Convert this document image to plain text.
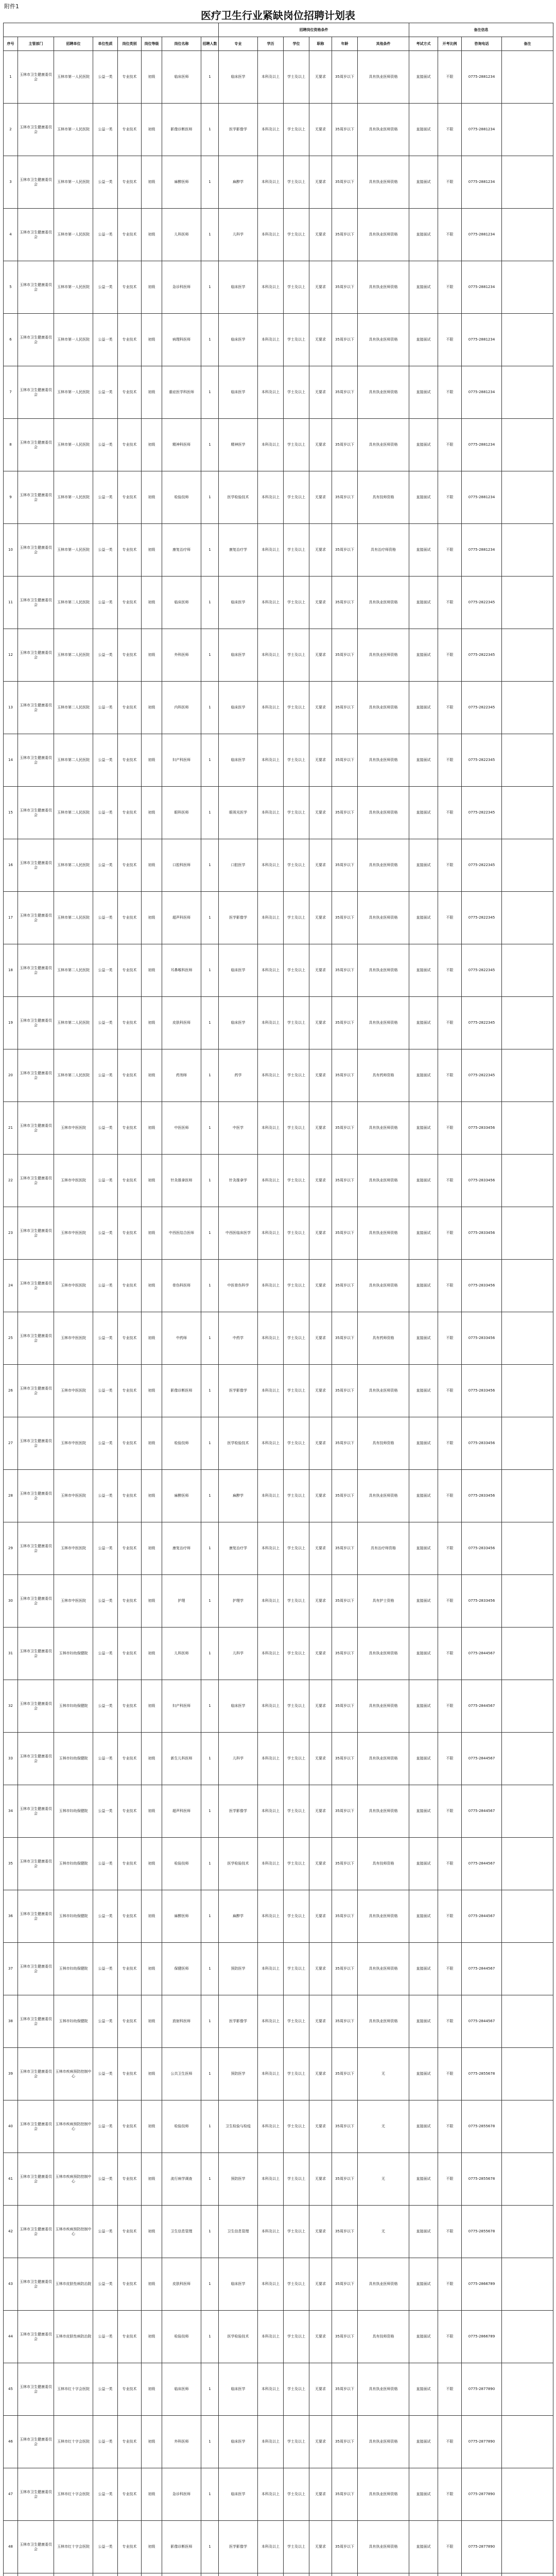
附件1
医疗卫生行业紧缺岗位招聘计划表
								招聘岗位资格条件						备注信息			
序号	主管部门	招聘单位	单位性质	岗位类别	岗位等级	岗位名称	招聘人数	专业	学历	学位	职称	年龄	其他条件	考试方式	开考比例	咨询电话	备注
1	玉林市卫生健康委员会	玉林市第一人民医院	公益一类	专业技术	初级	临床医师	1	临床医学	本科及以上	学士及以上	无要求	35周岁以下	具有执业医师资格	直接面试	不限	0775-2881234	
2	玉林市卫生健康委员会	玉林市第一人民医院	公益一类	专业技术	初级	影像诊断医师	1	医学影像学	本科及以上	学士及以上	无要求	35周岁以下	具有执业医师资格	直接面试	不限	0775-2881234	
3	玉林市卫生健康委员会	玉林市第一人民医院	公益一类	专业技术	初级	麻醉医师	1	麻醉学	本科及以上	学士及以上	无要求	35周岁以下	具有执业医师资格	直接面试	不限	0775-2881234	
4	玉林市卫生健康委员会	玉林市第一人民医院	公益一类	专业技术	初级	儿科医师	1	儿科学	本科及以上	学士及以上	无要求	35周岁以下	具有执业医师资格	直接面试	不限	0775-2881234	
5	玉林市卫生健康委员会	玉林市第一人民医院	公益一类	专业技术	初级	急诊科医师	1	临床医学	本科及以上	学士及以上	无要求	35周岁以下	具有执业医师资格	直接面试	不限	0775-2881234	
6	玉林市卫生健康委员会	玉林市第一人民医院	公益一类	专业技术	初级	病理科医师	1	临床医学	本科及以上	学士及以上	无要求	35周岁以下	具有执业医师资格	直接面试	不限	0775-2881234	
7	玉林市卫生健康委员会	玉林市第一人民医院	公益一类	专业技术	初级	重症医学科医师	1	临床医学	本科及以上	学士及以上	无要求	35周岁以下	具有执业医师资格	直接面试	不限	0775-2881234	
8	玉林市卫生健康委员会	玉林市第一人民医院	公益一类	专业技术	初级	精神科医师	1	精神医学	本科及以上	学士及以上	无要求	35周岁以下	具有执业医师资格	直接面试	不限	0775-2881234	
9	玉林市卫生健康委员会	玉林市第一人民医院	公益一类	专业技术	初级	检验技师	1	医学检验技术	本科及以上	学士及以上	无要求	35周岁以下	具有技师资格	直接面试	不限	0775-2881234	
10	玉林市卫生健康委员会	玉林市第一人民医院	公益一类	专业技术	初级	康复治疗师	1	康复治疗学	本科及以上	学士及以上	无要求	35周岁以下	具有治疗师资格	直接面试	不限	0775-2881234	
11	玉林市卫生健康委员会	玉林市第二人民医院	公益一类	专业技术	初级	临床医师	1	临床医学	本科及以上	学士及以上	无要求	35周岁以下	具有执业医师资格	直接面试	不限	0775-2822345	
12	玉林市卫生健康委员会	玉林市第二人民医院	公益一类	专业技术	初级	外科医师	1	临床医学	本科及以上	学士及以上	无要求	35周岁以下	具有执业医师资格	直接面试	不限	0775-2822345	
13	玉林市卫生健康委员会	玉林市第二人民医院	公益一类	专业技术	初级	内科医师	1	临床医学	本科及以上	学士及以上	无要求	35周岁以下	具有执业医师资格	直接面试	不限	0775-2822345	
14	玉林市卫生健康委员会	玉林市第二人民医院	公益一类	专业技术	初级	妇产科医师	1	临床医学	本科及以上	学士及以上	无要求	35周岁以下	具有执业医师资格	直接面试	不限	0775-2822345	
15	玉林市卫生健康委员会	玉林市第二人民医院	公益一类	专业技术	初级	眼科医师	1	眼视光医学	本科及以上	学士及以上	无要求	35周岁以下	具有执业医师资格	直接面试	不限	0775-2822345	
16	玉林市卫生健康委员会	玉林市第二人民医院	公益一类	专业技术	初级	口腔科医师	1	口腔医学	本科及以上	学士及以上	无要求	35周岁以下	具有执业医师资格	直接面试	不限	0775-2822345	
17	玉林市卫生健康委员会	玉林市第二人民医院	公益一类	专业技术	初级	超声科医师	1	医学影像学	本科及以上	学士及以上	无要求	35周岁以下	具有执业医师资格	直接面试	不限	0775-2822345	
18	玉林市卫生健康委员会	玉林市第二人民医院	公益一类	专业技术	初级	耳鼻喉科医师	1	临床医学	本科及以上	学士及以上	无要求	35周岁以下	具有执业医师资格	直接面试	不限	0775-2822345	
19	玉林市卫生健康委员会	玉林市第二人民医院	公益一类	专业技术	初级	皮肤科医师	1	临床医学	本科及以上	学士及以上	无要求	35周岁以下	具有执业医师资格	直接面试	不限	0775-2822345	
20	玉林市卫生健康委员会	玉林市第二人民医院	公益一类	专业技术	初级	药剂师	1	药学	本科及以上	学士及以上	无要求	35周岁以下	具有药师资格	直接面试	不限	0775-2822345	
21	玉林市卫生健康委员会	玉林市中医医院	公益一类	专业技术	初级	中医医师	1	中医学	本科及以上	学士及以上	无要求	35周岁以下	具有执业医师资格	直接面试	不限	0775-2833456	
22	玉林市卫生健康委员会	玉林市中医医院	公益一类	专业技术	初级	针灸推拿医师	1	针灸推拿学	本科及以上	学士及以上	无要求	35周岁以下	具有执业医师资格	直接面试	不限	0775-2833456	
23	玉林市卫生健康委员会	玉林市中医医院	公益一类	专业技术	初级	中西医结合医师	1	中西医临床医学	本科及以上	学士及以上	无要求	35周岁以下	具有执业医师资格	直接面试	不限	0775-2833456	
24	玉林市卫生健康委员会	玉林市中医医院	公益一类	专业技术	初级	骨伤科医师	1	中医骨伤科学	本科及以上	学士及以上	无要求	35周岁以下	具有执业医师资格	直接面试	不限	0775-2833456	
25	玉林市卫生健康委员会	玉林市中医医院	公益一类	专业技术	初级	中药师	1	中药学	本科及以上	学士及以上	无要求	35周岁以下	具有药师资格	直接面试	不限	0775-2833456	
26	玉林市卫生健康委员会	玉林市中医医院	公益一类	专业技术	初级	影像诊断医师	1	医学影像学	本科及以上	学士及以上	无要求	35周岁以下	具有执业医师资格	直接面试	不限	0775-2833456	
27	玉林市卫生健康委员会	玉林市中医医院	公益一类	专业技术	初级	检验技师	1	医学检验技术	本科及以上	学士及以上	无要求	35周岁以下	具有技师资格	直接面试	不限	0775-2833456	
28	玉林市卫生健康委员会	玉林市中医医院	公益一类	专业技术	初级	麻醉医师	1	麻醉学	本科及以上	学士及以上	无要求	35周岁以下	具有执业医师资格	直接面试	不限	0775-2833456	
29	玉林市卫生健康委员会	玉林市中医医院	公益一类	专业技术	初级	康复治疗师	1	康复治疗学	本科及以上	学士及以上	无要求	35周岁以下	具有治疗师资格	直接面试	不限	0775-2833456	
30	玉林市卫生健康委员会	玉林市中医医院	公益一类	专业技术	初级	护理	1	护理学	本科及以上	学士及以上	无要求	35周岁以下	具有护士资格	直接面试	不限	0775-2833456	
31	玉林市卫生健康委员会	玉林市妇幼保健院	公益一类	专业技术	初级	儿科医师	1	儿科学	本科及以上	学士及以上	无要求	35周岁以下	具有执业医师资格	直接面试	不限	0775-2844567	
32	玉林市卫生健康委员会	玉林市妇幼保健院	公益一类	专业技术	初级	妇产科医师	1	临床医学	本科及以上	学士及以上	无要求	35周岁以下	具有执业医师资格	直接面试	不限	0775-2844567	
33	玉林市卫生健康委员会	玉林市妇幼保健院	公益一类	专业技术	初级	新生儿科医师	1	儿科学	本科及以上	学士及以上	无要求	35周岁以下	具有执业医师资格	直接面试	不限	0775-2844567	
34	玉林市卫生健康委员会	玉林市妇幼保健院	公益一类	专业技术	初级	超声科医师	1	医学影像学	本科及以上	学士及以上	无要求	35周岁以下	具有执业医师资格	直接面试	不限	0775-2844567	
35	玉林市卫生健康委员会	玉林市妇幼保健院	公益一类	专业技术	初级	检验技师	1	医学检验技术	本科及以上	学士及以上	无要求	35周岁以下	具有技师资格	直接面试	不限	0775-2844567	
36	玉林市卫生健康委员会	玉林市妇幼保健院	公益一类	专业技术	初级	麻醉医师	1	麻醉学	本科及以上	学士及以上	无要求	35周岁以下	具有执业医师资格	直接面试	不限	0775-2844567	
37	玉林市卫生健康委员会	玉林市妇幼保健院	公益一类	专业技术	初级	保健医师	1	预防医学	本科及以上	学士及以上	无要求	35周岁以下	具有执业医师资格	直接面试	不限	0775-2844567	
38	玉林市卫生健康委员会	玉林市妇幼保健院	公益一类	专业技术	初级	放射科医师	1	医学影像学	本科及以上	学士及以上	无要求	35周岁以下	具有执业医师资格	直接面试	不限	0775-2844567	
39	玉林市卫生健康委员会	玉林市疾病预防控制中心	公益一类	专业技术	初级	公共卫生医师	1	预防医学	本科及以上	学士及以上	无要求	35周岁以下	无	直接面试	不限	0775-2855678	
40	玉林市卫生健康委员会	玉林市疾病预防控制中心	公益一类	专业技术	初级	检验技师	1	卫生检验与检疫	本科及以上	学士及以上	无要求	35周岁以下	无	直接面试	不限	0775-2855678	
41	玉林市卫生健康委员会	玉林市疾病预防控制中心	公益一类	专业技术	初级	流行病学调查	1	预防医学	本科及以上	学士及以上	无要求	35周岁以下	无	直接面试	不限	0775-2855678	
42	玉林市卫生健康委员会	玉林市疾病预防控制中心	公益一类	专业技术	初级	卫生信息管理	1	卫生信息管理	本科及以上	学士及以上	无要求	35周岁以下	无	直接面试	不限	0775-2855678	
43	玉林市卫生健康委员会	玉林市皮肤性病防治院	公益一类	专业技术	初级	皮肤科医师	1	临床医学	本科及以上	学士及以上	无要求	35周岁以下	具有执业医师资格	直接面试	不限	0775-2866789	
44	玉林市卫生健康委员会	玉林市皮肤性病防治院	公益一类	专业技术	初级	检验技师	1	医学检验技术	本科及以上	学士及以上	无要求	35周岁以下	具有技师资格	直接面试	不限	0775-2866789	
45	玉林市卫生健康委员会	玉林市红十字会医院	公益一类	专业技术	初级	临床医师	1	临床医学	本科及以上	学士及以上	无要求	35周岁以下	具有执业医师资格	直接面试	不限	0775-2877890	
46	玉林市卫生健康委员会	玉林市红十字会医院	公益一类	专业技术	初级	外科医师	1	临床医学	本科及以上	学士及以上	无要求	35周岁以下	具有执业医师资格	直接面试	不限	0775-2877890	
47	玉林市卫生健康委员会	玉林市红十字会医院	公益一类	专业技术	初级	急诊科医师	1	临床医学	本科及以上	学士及以上	无要求	35周岁以下	具有执业医师资格	直接面试	不限	0775-2877890	
48	玉林市卫生健康委员会	玉林市红十字会医院	公益一类	专业技术	初级	影像诊断医师	1	医学影像学	本科及以上	学士及以上	无要求	35周岁以下	具有执业医师资格	直接面试	不限	0775-2877890	
